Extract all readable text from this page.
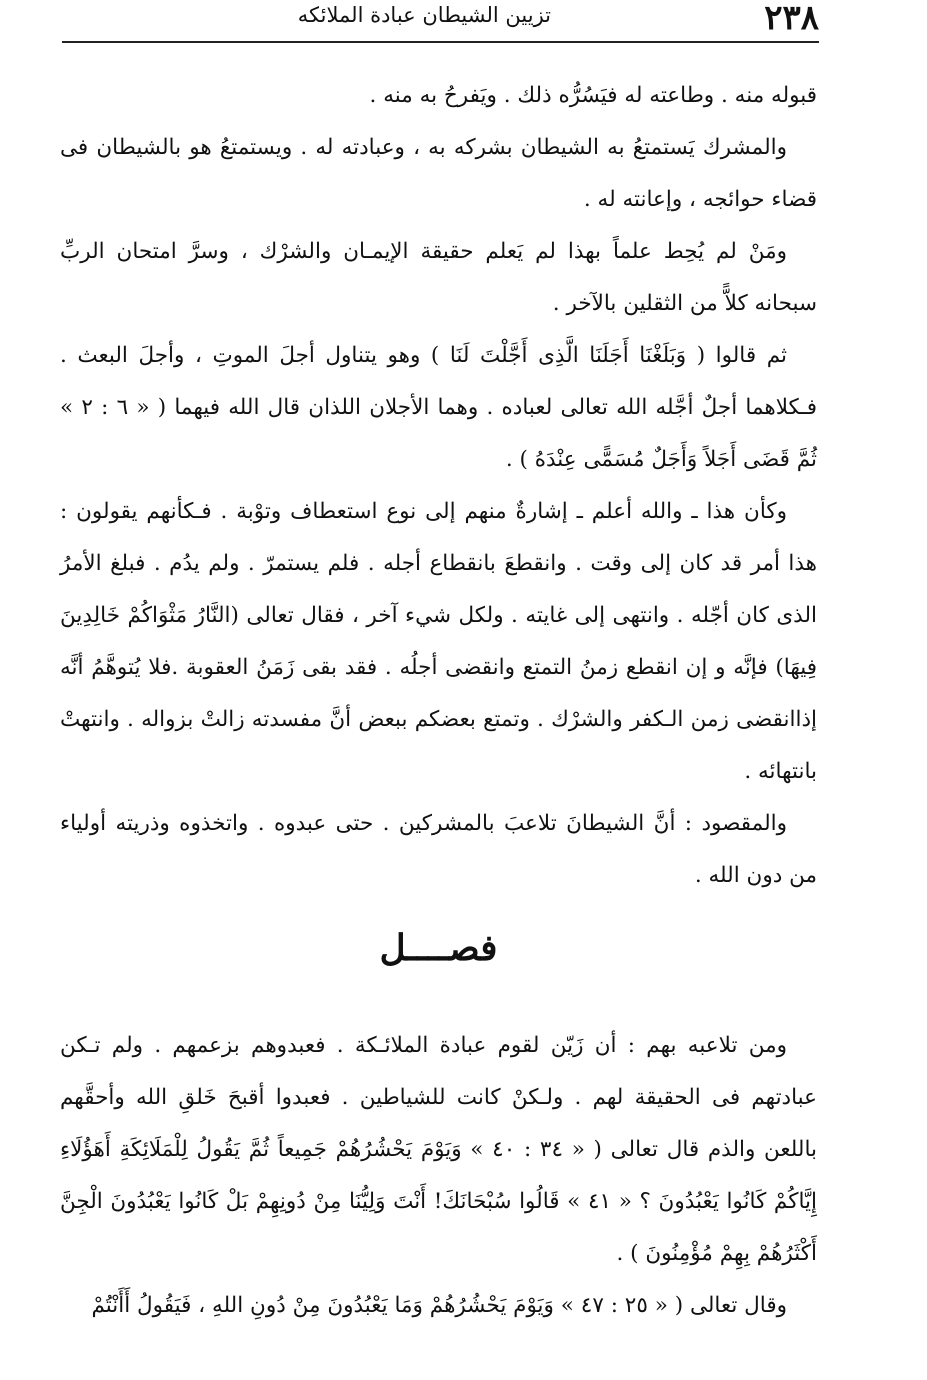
٢٣٨
تزيين الشيطان عبادة الملائكه

قبوله منه . وطاعته له فيَسُرُّه ذلك . ويَفرحُ به منه .

والمشرك يَستمتعُ به الشيطان بشركه به ، وعبادته له . ويستمتعُ هو بالشيطان فى قضاء حوائجه ، وإعانته له .

ومَنْ لم يُحِط علماً بهذا لم يَعلم حقيقة الإيمـان والشرْك ، وسرَّ امتحان الربِّ سبحانه كلاًّ من الثقلين بالآخر .

ثم قالوا ( وَبَلَغْنَا أَجَلَنَا الَّذِى أَجَّلْتَ لَنَا ) وهو يتناول أجلَ الموتِ ، وأجلَ البعث . فـكلاهما أجلٌ أجَّله الله تعالى لعباده . وهما الأجلان اللذان قال الله فيهما ( « ٦ : ٢ » ثُمَّ قَضَى أَجَلاً وَأَجَلٌ مُسَمًّى عِنْدَهُ ) .

وكأن هذا ـ والله أعلم ـ إشارةٌ منهم إلى نوع استعطاف وتوْبة . فـكأنهم يقولون : هذا أمر قد كان إلى وقت . وانقطعَ بانقطاع أجله . فلم يستمرّ . ولم يدُم . فبلغ الأمرُ الذى كان أجّله . وانتهى إلى غايته . ولكل شيء آخر ، فقال تعالى (النَّارُ مَثْوَاكُمْ خَالِدِينَ فِيهَا) فإنَّه و إن انقطع زمنُ التمتع وانقضى أجلُه . فقد بقى زَمَنُ العقوبة .فلا يُتوهَّمُ أنَّه إذاانقضى زمن الـكفر والشرْك . وتمتع بعضكم ببعض أنَّ مفسدته زالتْ بزواله . وانتهتْ بانتهائه .

والمقصود : أنَّ الشيطانَ تلاعبَ بالمشركين . حتى عبدوه . واتخذوه وذريته أولياء من دون الله .

فصــــل

ومن تلاعبه بهم : أن زَيّن لقوم عبادة الملائـكة . فعبدوهم بزعمهم . ولم تـكن عبادتهم فى الحقيقة لهم . ولـكنْ كانت للشياطين . فعبدوا أقبحَ خَلقِ الله وأحقَّهم باللعن والذم قال تعالى ( « ٣٤ : ٤٠ » وَيَوْمَ يَحْشُرُهُمْ جَمِيعاً ثُمَّ يَقُولُ لِلْمَلَائِكَةِ أَهَؤُلَاءِ إِيَّاكُمْ كَانُوا يَعْبُدُونَ ؟ « ٤١ » قَالُوا سُبْحَانَكَ! أَنْتَ وَلِيُّنَا مِنْ دُونِهِمْ بَلْ كَانُوا يَعْبُدُونَ الْجِنَّ أَكْثَرُهُمْ بِهِمْ مُؤْمِنُونَ ) .

وقال تعالى ( « ٢٥ : ٤٧ » وَيَوْمَ يَحْشُرُهُمْ وَمَا يَعْبُدُونَ مِنْ دُونِ اللهِ ، فَيَقُولُ أَأَنْتُمْ
